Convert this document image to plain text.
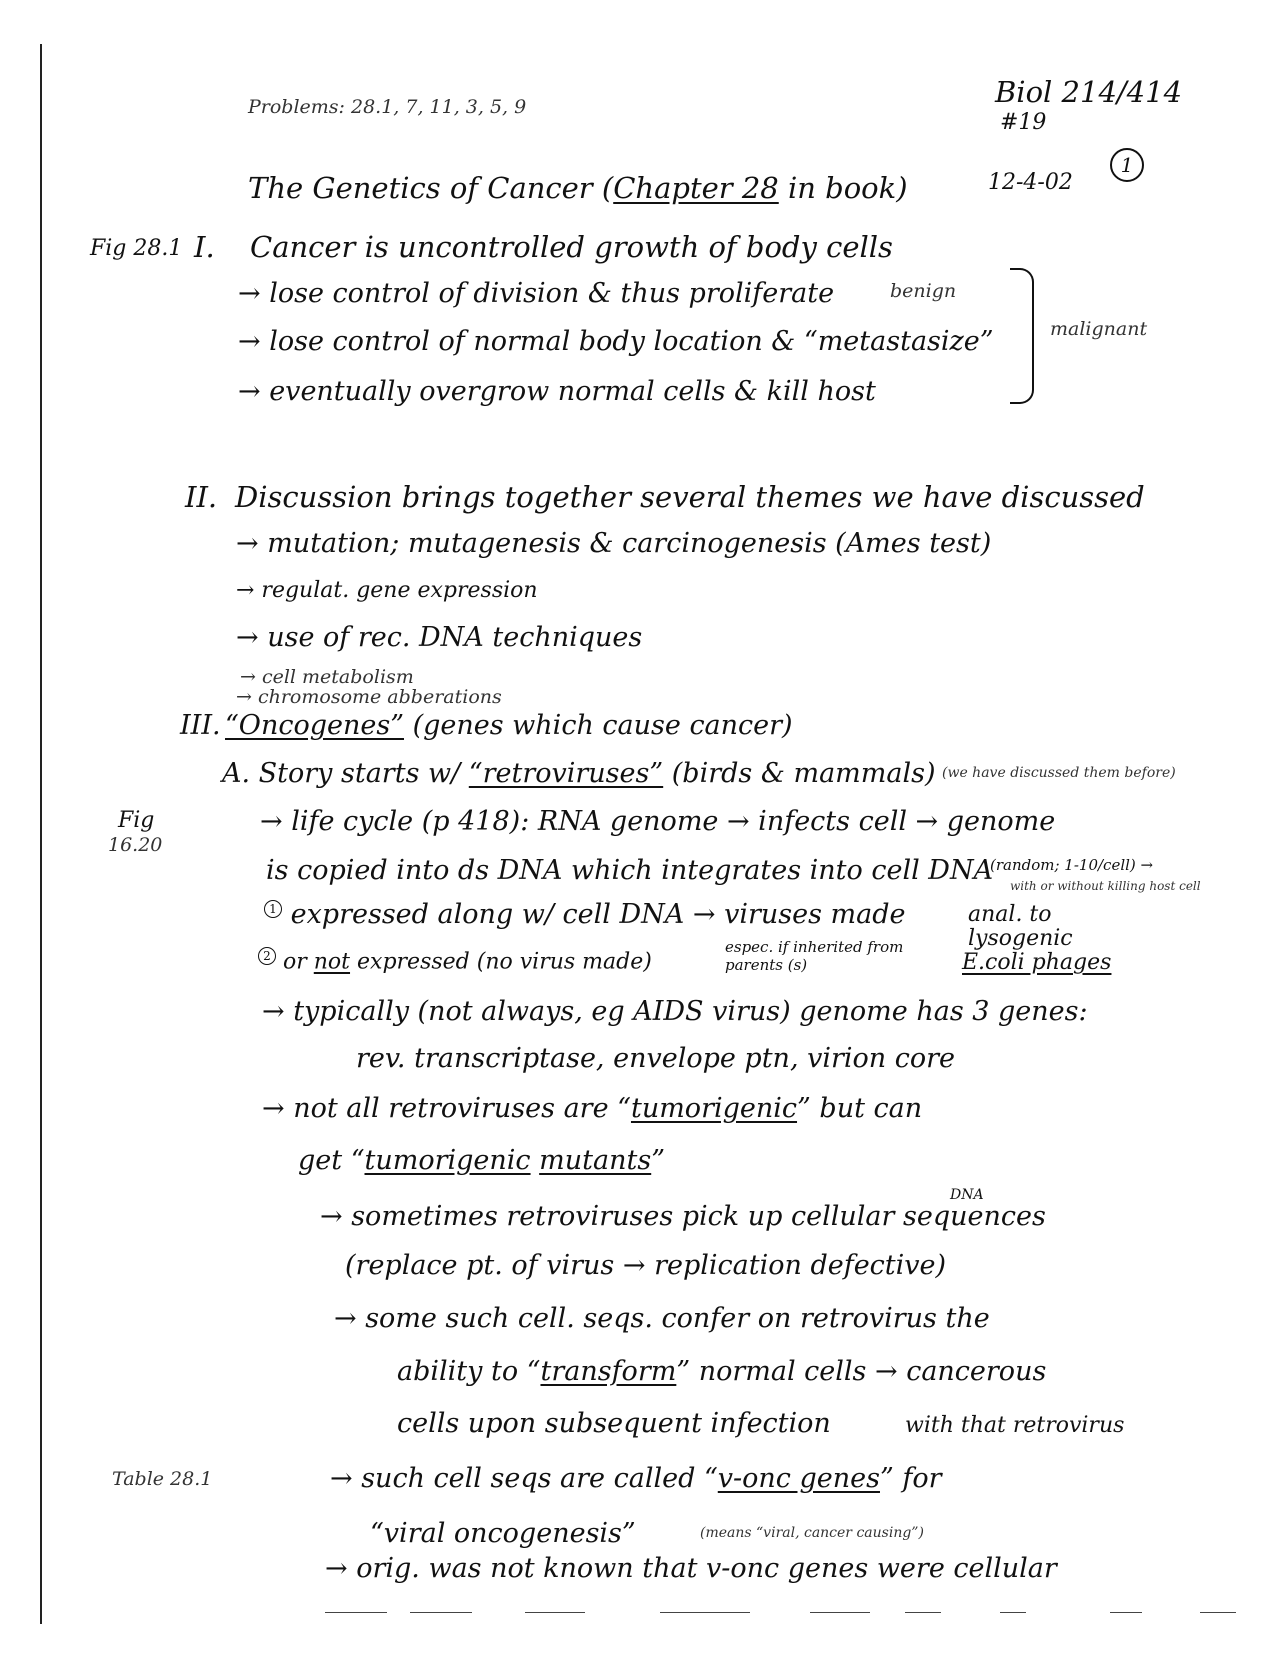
Problems: 28.1, 7, 11, 3, 5, 9	Biol 214/414
#19
12-4-02
1
The Genetics of Cancer (Chapter 28 in book)
Fig 28.1 I. Cancer is uncontrolled growth of body cells
→ lose control of division & thus proliferate	benign
→ lose control of normal body location & “metastasize”
→ eventually overgrow normal cells & kill host
malignant
II. Discussion brings together several themes we have discussed
→ mutation; mutagenesis & carcinogenesis (Ames test)
→ regulat. gene expression
→ use of rec. DNA techniques
→ cell metabolism
→ chromosome abberations
III. “Oncogenes” (genes which cause cancer)
A. Story starts w/ “retroviruses” (birds & mammals) (we have discussed them before)
Fig
16.20
→ life cycle (p 418): RNA genome → infects cell → genome
is copied into ds DNA which integrates into cell DNA
(random; 1-10/cell) →
with or without killing host cell
1 expressed along w/ cell DNA → viruses made	anal. to
lysogenic
E.coli phages
2 or not expressed (no virus made)
espec. if inherited from
parents (s)
→ typically (not always, eg AIDS virus) genome has 3 genes:
rev. transcriptase, envelope ptn, virion core
→ not all retroviruses are “tumorigenic” but can
get “tumorigenic mutants”
DNA
→ sometimes retroviruses pick up cellular sequences
(replace pt. of virus → replication defective)
→ some such cell. seqs. confer on retrovirus the
ability to “transform” normal cells → cancerous
cells upon subsequent infection	with that retrovirus
Table 28.1	→ such cell seqs are called “v-onc genes” for
“viral oncogenesis”	(means “viral, cancer causing”)
→ orig. was not known that v-onc genes were cellular
